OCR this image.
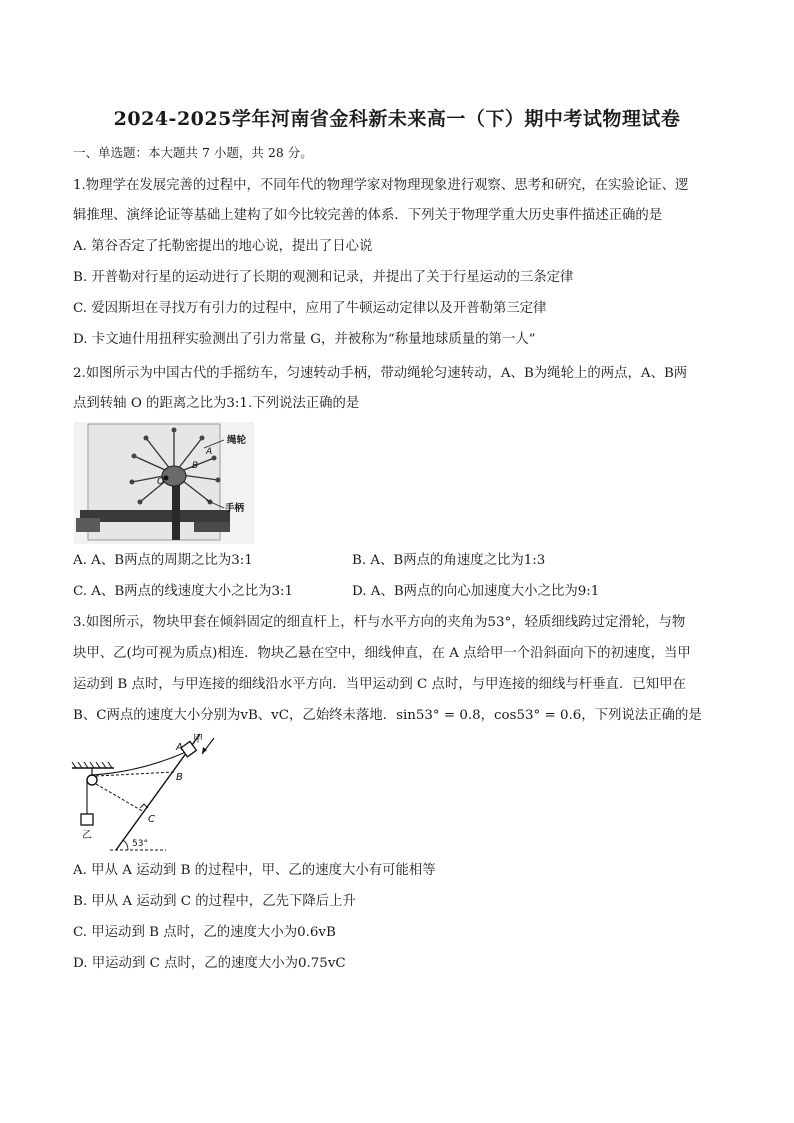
2024-2025学年河南省金科新未来高一（下）期中考试物理试卷
一、单选题：本大题共 7 小题，共 28 分。
1.物理学在发展完善的过程中，不同年代的物理学家对物理现象进行观察、思考和研究，在实验论证、逻
辑推理、演绎论证等基础上建构了如今比较完善的体系．下列关于物理学重大历史事件描述正确的是
A. 第谷否定了托勒密提出的地心说，提出了日心说
B. 开普勒对行星的运动进行了长期的观测和记录，并提出了关于行星运动的三条定律
C. 爱因斯坦在寻找万有引力的过程中，应用了牛顿运动定律以及开普勒第三定律
D. 卡文迪什用扭秤实验测出了引力常量 G，并被称为“称量地球质量的第一人”
2.如图所示为中国古代的手摇纺车，匀速转动手柄，带动绳轮匀速转动，A、B为绳轮上的两点，A、B两
点到转轴 O 的距离之比为3:1.下列说法正确的是
绳轮
手柄
A
B
O
A. A、B两点的周期之比为3:1	B. A、B两点的角速度之比为1:3
C. A、B两点的线速度大小之比为3:1	D. A、B两点的向心加速度大小之比为9:1
3.如图所示，物块甲套在倾斜固定的细直杆上，杆与水平方向的夹角为53°，轻质细线跨过定滑轮，与物
块甲、乙(均可视为质点)相连．物块乙悬在空中，细线伸直，在 A 点给甲一个沿斜面向下的初速度，当甲
运动到 B 点时，与甲连接的细线沿水平方向．当甲运动到 C 点时，与甲连接的细线与杆垂直．已知甲在
B、C两点的速度大小分别为vB、vC，乙始终未落地．sin53° = 0.8，cos53° = 0.6，下列说法正确的是
乙
甲
A
B
C
53°
A. 甲从 A 运动到 B 的过程中，甲、乙的速度大小有可能相等
B. 甲从 A 运动到 C 的过程中，乙先下降后上升
C. 甲运动到 B 点时，乙的速度大小为0.6vB
D. 甲运动到 C 点时，乙的速度大小为0.75vC
